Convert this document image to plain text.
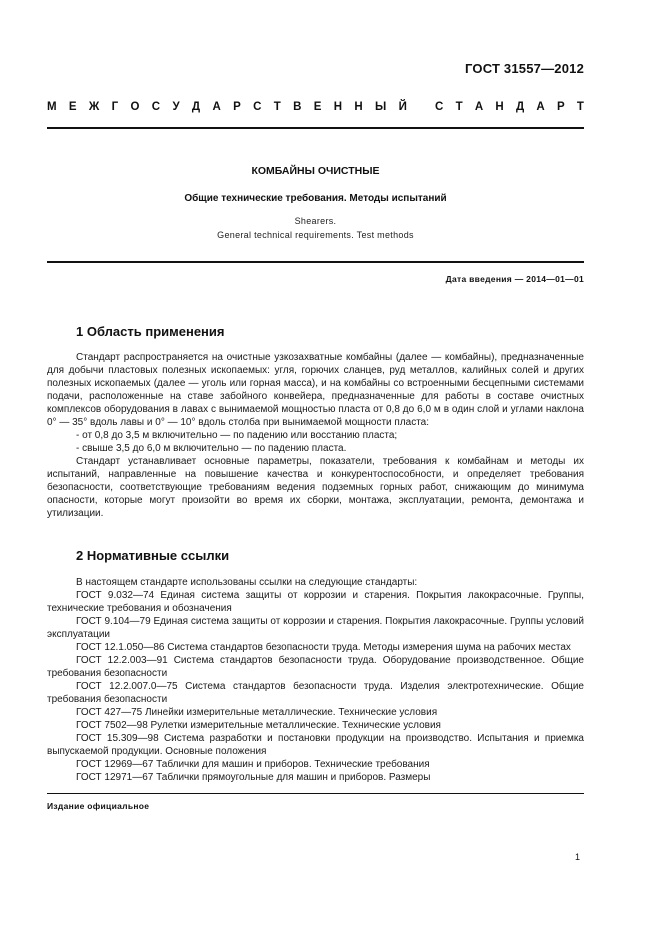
ГОСТ 31557—2012
М Е Ж Г О С У Д А Р С Т В Е Н Н Ы Й С Т А Н Д А Р Т
КОМБАЙНЫ ОЧИСТНЫЕ
Общие технические требования. Методы испытаний
Shearers.
General technical requirements. Test methods
Дата введения — 2014—01—01
1 Область применения

Стандарт распространяется на очистные узкозахватные комбайны (далее — комбайны), предназначенные для добычи пластовых полезных ископаемых: угля, горючих сланцев, руд металлов, калийных солей и других полезных ископаемых (далее — уголь или горная масса), и на комбайны со встроенными бесцепными системами подачи, расположенные на ставе забойного конвейера, предназначенные для работы в составе очистных комплексов оборудования в лавах с вынимаемой мощностью пласта от 0,8 до 6,0 м в один слой и углами наклона 0° — 35° вдоль лавы и 0° — 10° вдоль столба при вынимаемой мощности пласта:

- от 0,8 до 3,5 м включительно — по падению или восстанию пласта;

- свыше 3,5 до 6,0 м включительно — по падению пласта.

Стандарт устанавливает основные параметры, показатели, требования к комбайнам и методы их испытаний, направленные на повышение качества и конкурентоспособности, и определяет требования безопасности, соответствующие требованиям ведения подземных горных работ, снижающим до минимума опасности, которые могут произойти во время их сборки, монтажа, эксплуатации, ремонта, демонтажа и утилизации.

2 Нормативные ссылки
В настоящем стандарте использованы ссылки на следующие стандарты:
ГОСТ 9.032—74 Единая система защиты от коррозии и старения. Покрытия лакокрасочные. Группы, технические требования и обозначения
ГОСТ 9.104—79 Единая система защиты от коррозии и старения. Покрытия лакокрасочные. Группы условий эксплуатации
ГОСТ 12.1.050—86 Система стандартов безопасности труда. Методы измерения шума на рабочих местах
ГОСТ 12.2.003—91 Система стандартов безопасности труда. Оборудование производственное. Общие требования безопасности
ГОСТ 12.2.007.0—75 Система стандартов безопасности труда. Изделия электротехнические. Общие требования безопасности
ГОСТ 427—75 Линейки измерительные металлические. Технические условия
ГОСТ 7502—98 Рулетки измерительные металлические. Технические условия
ГОСТ 15.309—98 Система разработки и постановки продукции на производство. Испытания и приемка выпускаемой продукции. Основные положения
ГОСТ 12969—67 Таблички для машин и приборов. Технические требования
ГОСТ 12971—67 Таблички прямоугольные для машин и приборов. Размеры
Издание официальное
1
